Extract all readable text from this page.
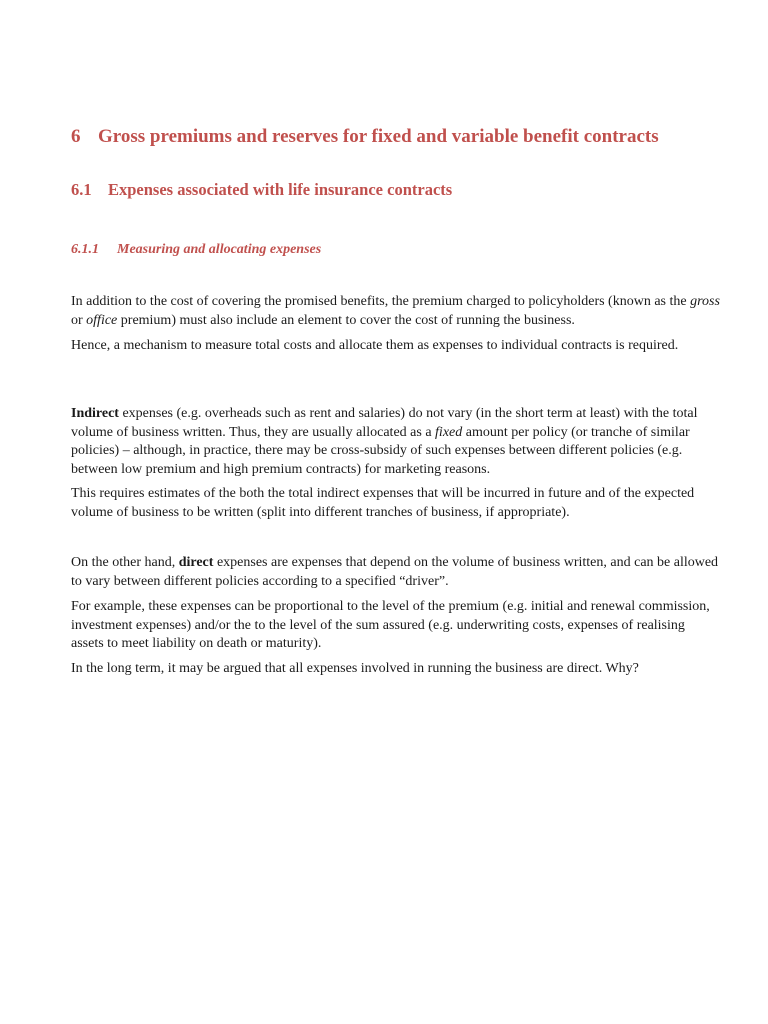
6 Gross premiums and reserves for fixed and variable benefit contracts
6.1 Expenses associated with life insurance contracts
6.1.1 Measuring and allocating expenses

In addition to the cost of covering the promised benefits, the premium charged to policyholders (known as the gross or office premium) must also include an element to cover the cost of running the business.

Hence, a mechanism to measure total costs and allocate them as expenses to individual contracts is required.

Indirect expenses (e.g. overheads such as rent and salaries) do not vary (in the short term at least) with the total volume of business written. Thus, they are usually allocated as a fixed amount per policy (or tranche of similar policies) – although, in practice, there may be cross-subsidy of such expenses between different policies (e.g. between low premium and high premium contracts) for marketing reasons.

This requires estimates of the both the total indirect expenses that will be incurred in future and of the expected volume of business to be written (split into different tranches of business, if appropriate).

On the other hand, direct expenses are expenses that depend on the volume of business written, and can be allowed to vary between different policies according to a specified “driver”.

For example, these expenses can be proportional to the level of the premium (e.g. initial and renewal commission, investment expenses) and/or the to the level of the sum assured (e.g. underwriting costs, expenses of realising assets to meet liability on death or maturity).

In the long term, it may be argued that all expenses involved in running the business are direct. Why?
